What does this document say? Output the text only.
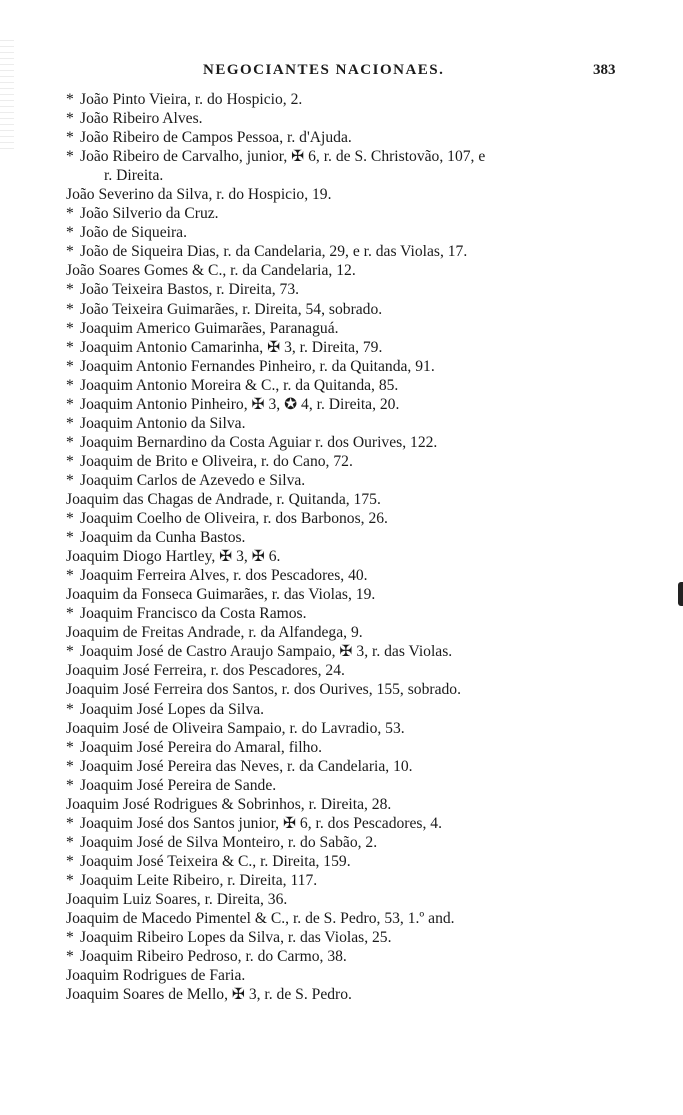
NEGOCIANTES NACIONAES.	383
* João Pinto Vieira, r. do Hospicio, 2.
* João Ribeiro Alves.
* João Ribeiro de Campos Pessoa, r. d'Ajuda.
* João Ribeiro de Carvalho, junior, ✠ 6, r. de S. Christovão, 107, e
r. Direita.
João Severino da Silva, r. do Hospicio, 19.
* João Silverio da Cruz.
* João de Siqueira.
* João de Siqueira Dias, r. da Candelaria, 29, e r. das Violas, 17.
João Soares Gomes & C., r. da Candelaria, 12.
* João Teixeira Bastos, r. Direita, 73.
* João Teixeira Guimarães, r. Direita, 54, sobrado.
* Joaquim Americo Guimarães, Paranaguá.
* Joaquim Antonio Camarinha, ✠ 3, r. Direita, 79.
* Joaquim Antonio Fernandes Pinheiro, r. da Quitanda, 91.
* Joaquim Antonio Moreira & C., r. da Quitanda, 85.
* Joaquim Antonio Pinheiro, ✠ 3, ✪ 4, r. Direita, 20.
* Joaquim Antonio da Silva.
* Joaquim Bernardino da Costa Aguiar r. dos Ourives, 122.
* Joaquim de Brito e Oliveira, r. do Cano, 72.
* Joaquim Carlos de Azevedo e Silva.
Joaquim das Chagas de Andrade, r. Quitanda, 175.
* Joaquim Coelho de Oliveira, r. dos Barbonos, 26.
* Joaquim da Cunha Bastos.
Joaquim Diogo Hartley, ✠ 3, ✠ 6.
* Joaquim Ferreira Alves, r. dos Pescadores, 40.
Joaquim da Fonseca Guimarães, r. das Violas, 19.
* Joaquim Francisco da Costa Ramos.
Joaquim de Freitas Andrade, r. da Alfandega, 9.
* Joaquim José de Castro Araujo Sampaio, ✠ 3, r. das Violas.
Joaquim José Ferreira, r. dos Pescadores, 24.
Joaquim José Ferreira dos Santos, r. dos Ourives, 155, sobrado.
* Joaquim José Lopes da Silva.
Joaquim José de Oliveira Sampaio, r. do Lavradio, 53.
* Joaquim José Pereira do Amaral, filho.
* Joaquim José Pereira das Neves, r. da Candelaria, 10.
* Joaquim José Pereira de Sande.
Joaquim José Rodrigues & Sobrinhos, r. Direita, 28.
* Joaquim José dos Santos junior, ✠ 6, r. dos Pescadores, 4.
* Joaquim José de Silva Monteiro, r. do Sabão, 2.
* Joaquim José Teixeira & C., r. Direita, 159.
* Joaquim Leite Ribeiro, r. Direita, 117.
Joaquim Luiz Soares, r. Direita, 36.
Joaquim de Macedo Pimentel & C., r. de S. Pedro, 53, 1.º and.
* Joaquim Ribeiro Lopes da Silva, r. das Violas, 25.
* Joaquim Ribeiro Pedroso, r. do Carmo, 38.
Joaquim Rodrigues de Faria.
Joaquim Soares de Mello, ✠ 3, r. de S. Pedro.
